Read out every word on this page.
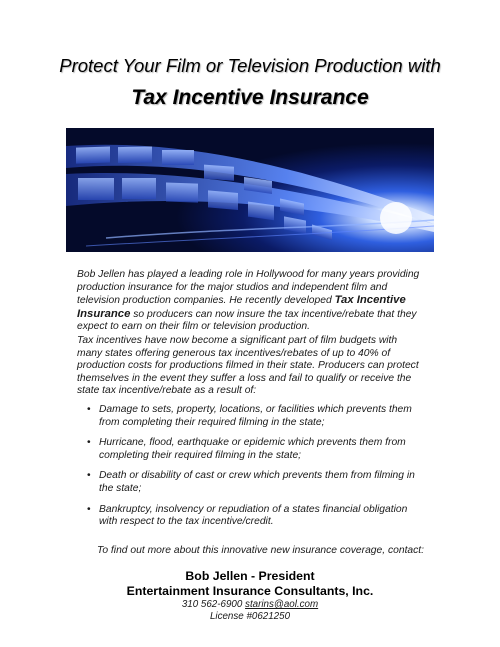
Protect Your Film or Television Production with
Tax Incentive Insurance
Bob Jellen has played a leading role in Hollywood for many years providing production insurance for the major studios and independent film and television production companies. He recently developed Tax Incentive Insurance so producers can now insure the tax incentive/rebate that they expect to earn on their film or television production.
Tax incentives have now become a significant part of film budgets with many states offering generous tax incentives/rebates of up to 40% of production costs for productions filmed in their state. Producers can protect themselves in the event they suffer a loss and fail to qualify or receive the state tax incentive/rebate as a result of:
• Damage to sets, property, locations, or facilities which prevents them from completing their required filming in the state;
• Hurricane, flood, earthquake or epidemic which prevents them from completing their required filming in the state;
• Death or disability of cast or crew which prevents them from filming in the state;
• Bankruptcy, insolvency or repudiation of a states financial obligation with respect to the tax incentive/credit.
To find out more about this innovative new insurance coverage, contact:
Bob Jellen - President
Entertainment Insurance Consultants, Inc.
310 562-6900 starins@aol.com
License #0621250
